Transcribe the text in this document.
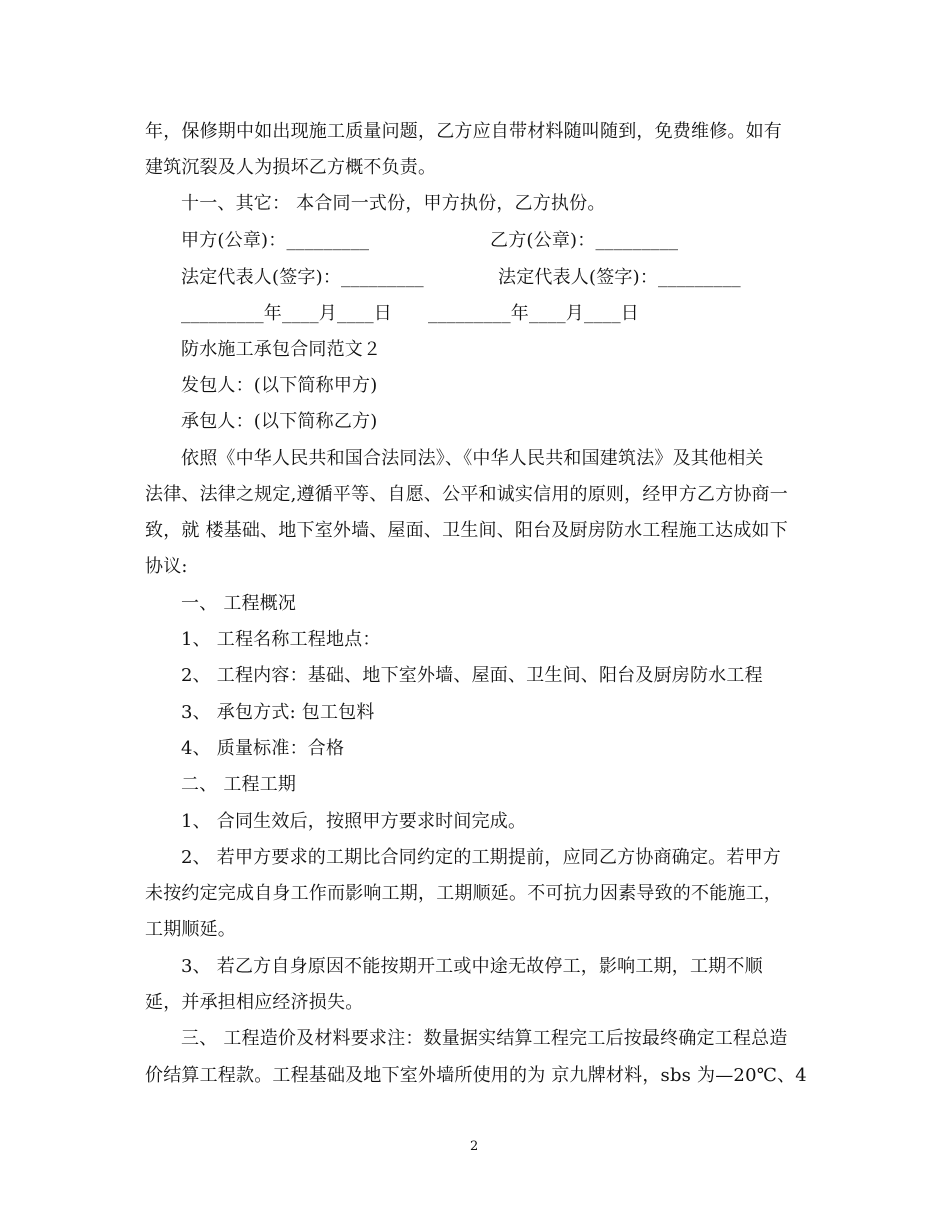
年，保修期中如出现施工质量问题，乙方应自带材料随叫随到，免费维修。如有
建筑沉裂及人为损坏乙方概不负责。
十一、其它： 本合同一式份，甲方执份，乙方执份。
甲方(公章)：_________	乙方(公章)：_________
法定代表人(签字)：_________	法定代表人(签字)：_________
_________年____月____日 _________年____月____日
防水施工承包合同范文２
发包人：(以下简称甲方)
承包人：(以下简称乙方)
依照《中华人民共和国合法同法》、《中华人民共和国建筑法》及其他相关
法律、法律之规定,遵循平等、自愿、公平和诚实信用的原则，经甲方乙方协商一
致，就 楼基础、地下室外墙、屋面、卫生间、阳台及厨房防水工程施工达成如下
协议:
一、 工程概况
1、 工程名称工程地点：
2、 工程内容：基础、地下室外墙、屋面、卫生间、阳台及厨房防水工程
3、 承包方式: 包工包料
4、 质量标准：合格
二、 工程工期
1、 合同生效后，按照甲方要求时间完成。
2、 若甲方要求的工期比合同约定的工期提前，应同乙方协商确定。若甲方
未按约定完成自身工作而影响工期，工期顺延。不可抗力因素导致的不能施工，
工期顺延。
3、 若乙方自身原因不能按期开工或中途无故停工，影响工期，工期不顺
延，并承担相应经济损失。
三、 工程造价及材料要求注：数量据实结算工程完工后按最终确定工程总造
价结算工程款。工程基础及地下室外墙所使用的为 京九牌材料，sbs 为—20℃、4
2
